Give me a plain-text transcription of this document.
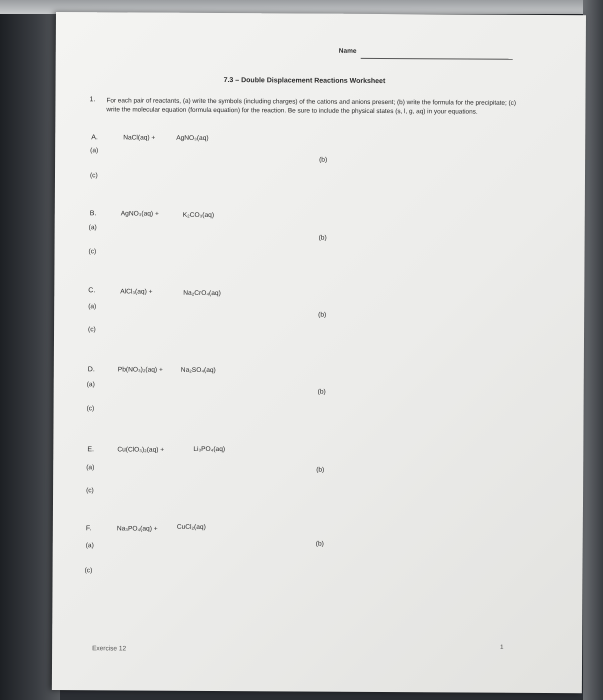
Name
7.3 – Double Displacement Reactions Worksheet
1. For each pair of reactants, (a) write the symbols (including charges) of the cations and anions present; (b) write the formula for the precipitate; (c) write the molecular equation (formula equation) for the reaction. Be sure to include the physical states (s, l, g, aq) in your equations.
A.	NaCl(aq) +	AgNO₃(aq)
(a)
(b)
(c)
B.	AgNO₃(aq) +	K₂CO₃(aq)
(a)
(b)
(c)
C.	AlCl₃(aq) +	Na₂CrO₄(aq)
(a)
(b)
(c)
D.	Pb(NO₃)₂(aq) +	Na₂SO₄(aq)
(a)
(b)
(c)
E.	Cu(ClO₃)₂(aq) +	Li₃PO₄(aq)
(a)	(b)
(c)
F.	Na₃PO₄(aq) +	CuCl₂(aq)
(a)	(b)
(c)
Exercise 12	1
